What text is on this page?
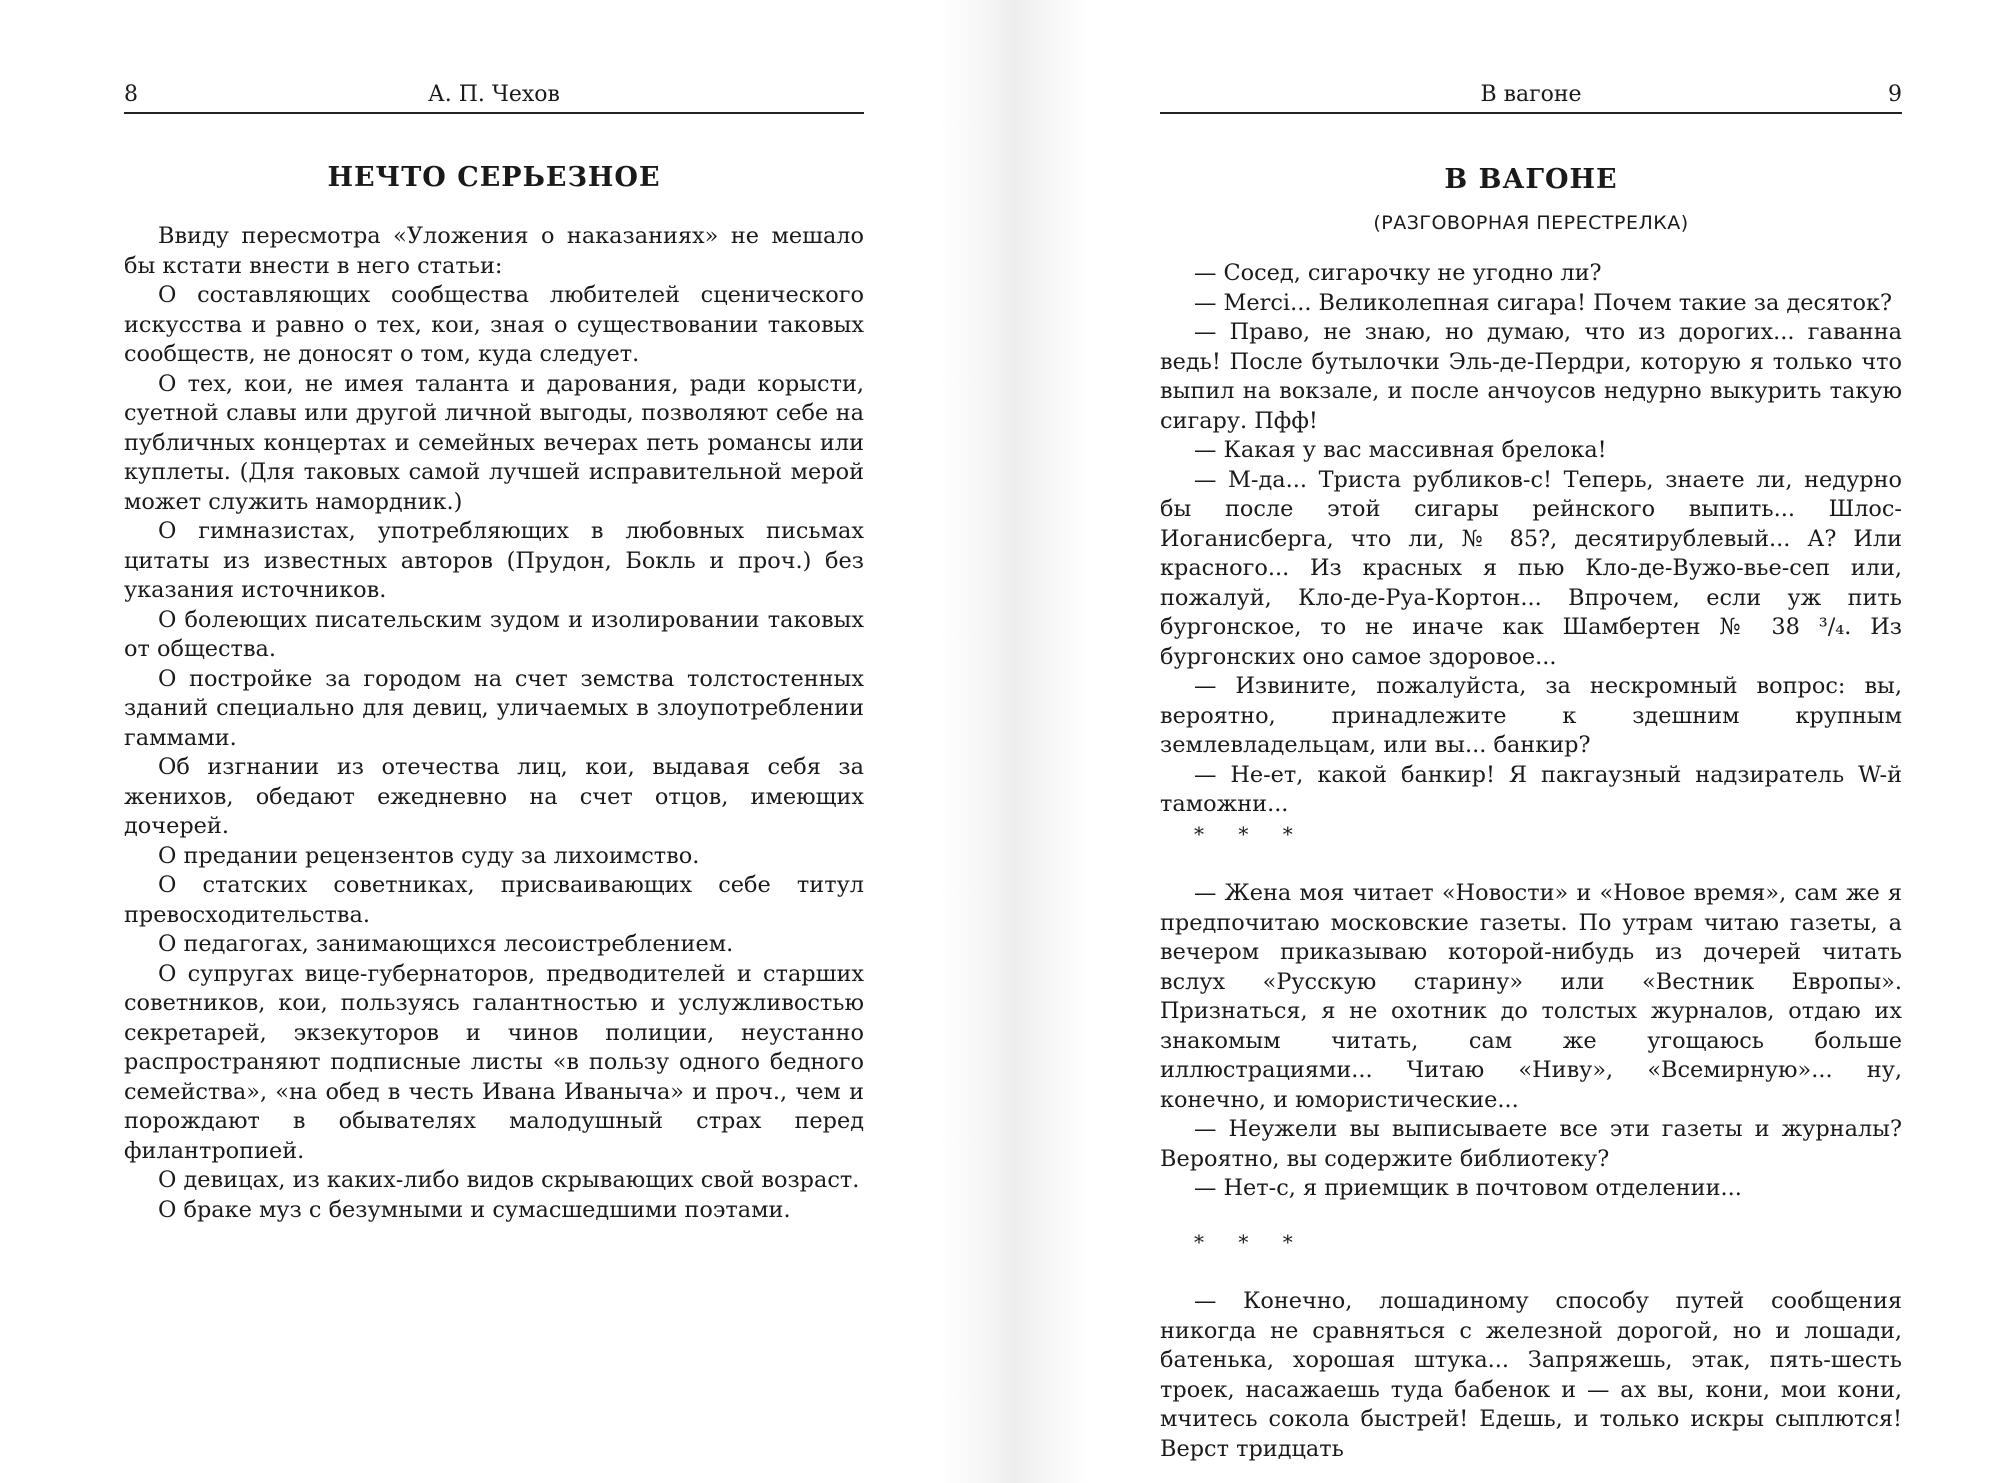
8	А. П. Чехов
НЕЧТО СЕРЬЕЗНОЕ

Ввиду пересмотра «Уложения о наказаниях» не мешало бы кстати внести в него статьи:

О составляющих сообщества любителей сценического искусства и равно о тех, кои, зная о существовании таковых сообществ, не доносят о том, куда следует.

О тех, кои, не имея таланта и дарования, ради корысти, суетной славы или другой личной выгоды, позволяют себе на публичных концертах и семейных вечерах петь романсы или куплеты. (Для таковых самой лучшей исправительной мерой может служить намордник.)

О гимназистах, употребляющих в любовных письмах цитаты из известных авторов (Прудон, Бокль и проч.) без указания источников.

О болеющих писательским зудом и изолировании таковых от общества.

О постройке за городом на счет земства толстостенных зданий специально для девиц, уличаемых в злоупотреблении гаммами.

Об изгнании из отечества лиц, кои, выдавая себя за женихов, обедают ежедневно на счет отцов, имеющих дочерей.

О предании рецензентов суду за лихоимство.

О статских советниках, присваивающих себе титул превосходительства.

О педагогах, занимающихся лесоистреблением.

О супругах вице-губернаторов, предводителей и старших советников, кои, пользуясь галантностью и услужливостью секретарей, экзекуторов и чинов полиции, неустанно распространяют подписные листы «в пользу одного бедного семейства», «на обед в честь Ивана Иваныча» и проч., чем и порождают в обывателях малодушный страх перед филантропией.

О девицах, из каких-либо видов скрывающих свой возраст.

О браке муз с безумными и сумасшедшими поэтами.

В вагоне	9
В ВАГОНЕ
(РАЗГОВОРНАЯ ПЕРЕСТРЕЛКА)

— Сосед, сигарочку не угодно ли?

— Merci... Великолепная сигара! Почем такие за десяток?

— Право, не знаю, но думаю, что из дорогих... гаванна ведь! После бутылочки Эль-де-Пердри, которую я только что выпил на вокзале, и после анчоусов недурно выкурить такую сигару. Пфф!

— Какая у вас массивная брелока!

— М-да... Триста рубликов-с! Теперь, знаете ли, недурно бы после этой сигары рейнского выпить... Шлос-Иоганисберга, что ли, № 85?, десятирублевый... А? Или красного... Из красных я пью Кло-де-Вужо-вье-сеп или, пожалуй, Кло-де-Руа-Кортон... Впрочем, если уж пить бургонское, то не иначе как Шамбертен № 38 ³/₄. Из бургонских оно самое здоровое...

— Извините, пожалуйста, за нескромный вопрос: вы, вероятно, принадлежите к здешним крупным землевладельцам, или вы... банкир?

— Не-ет, какой банкир! Я пакгаузный надзиратель W-й таможни...

* * *

— Жена моя читает «Новости» и «Новое время», сам же я предпочитаю московские газеты. По утрам читаю газеты, а вечером приказываю которой-нибудь из дочерей читать вслух «Русскую старину» или «Вестник Европы». Признаться, я не охотник до толстых журналов, отдаю их знакомым читать, сам же угощаюсь больше иллюстрациями... Читаю «Ниву», «Всемирную»... ну, конечно, и юмористические...

— Неужели вы выписываете все эти газеты и журналы? Вероятно, вы содержите библиотеку?

— Нет-с, я приемщик в почтовом отделении...

* * *

— Конечно, лошадиному способу путей сообщения никогда не сравняться с железной дорогой, но и лошади, батенька, хорошая штука... Запряжешь, этак, пять-шесть троек, насажаешь туда бабенок и — ах вы, кони, мои кони, мчитесь сокола быстрей! Едешь, и только искры сыплются! Верст тридцать
